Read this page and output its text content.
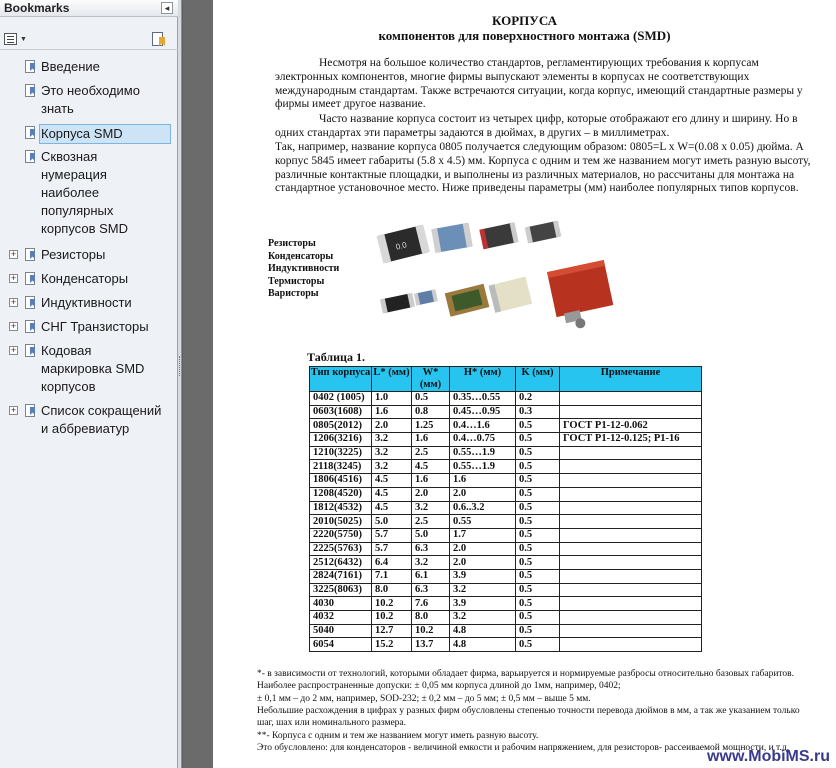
Bookmarks	◂
▼
Введение
Это необходимо
знать
Корпуса SMD
Сквозная
нумерация
наиболее
популярных
корпусов SMD
+ Резисторы
+ Конденсаторы
+ Индуктивности
+ СНГ Транзисторы
+ Кодовая
маркировка SMD
корпусов
+ Список сокращений
и аббревиатур
КОРПУСА
компонентов для поверхностного монтажа (SMD)
Несмотря на большое количество стандартов, регламентирующих требования к корпусам электронных компонентов, многие фирмы выпускают элементы в корпусах не соответствующих международным стандартам. Также встречаются ситуации, когда корпус, имеющий стандартные размеры у фирмы имеет другое название.
Часто название корпуса состоит из четырех цифр, которые отображают его длину и ширину. Но в одних стандартах эти параметры задаются в дюймах, в других – в миллиметрах.
Так, например, название корпуса 0805 получается следующим образом: 0805=L x W=(0.08 x 0.05) дюйма. А корпус 5845 имеет габариты (5.8 x 4.5) мм. Корпуса с одним и тем же названием могут иметь разную высоту, различные контактные площадки, и выполнены из различных материалов, но рассчитаны для монтажа на стандартное установочное место. Ниже приведены параметры (мм) наиболее популярных типов корпусов.
Резисторы
Конденсаторы
Индуктивности
Термисторы
Варисторы
0.0
Таблица 1.
Тип корпуса	L* (мм)	W* (мм)	H* (мм)	K (мм)	Примечание
0402 (1005)	1.0	0.5	0.35…0.55	0.2	
0603(1608)	1.6	0.8	0.45…0.95	0.3	
0805(2012)	2.0	1.25	0.4…1.6	0.5	ГОСТ Р1-12-0.062
1206(3216)	3.2	1.6	0.4…0.75	0.5	ГОСТ Р1-12-0.125; Р1-16
1210(3225)	3.2	2.5	0.55…1.9	0.5	
2118(3245)	3.2	4.5	0.55…1.9	0.5	
1806(4516)	4.5	1.6	1.6	0.5	
1208(4520)	4.5	2.0	2.0	0.5	
1812(4532)	4.5	3.2	0.6..3.2	0.5	
2010(5025)	5.0	2.5	0.55	0.5	
2220(5750)	5.7	5.0	1.7	0.5	
2225(5763)	5.7	6.3	2.0	0.5	
2512(6432)	6.4	3.2	2.0	0.5	
2824(7161)	7.1	6.1	3.9	0.5	
3225(8063)	8.0	6.3	3.2	0.5	
4030	10.2	7.6	3.9	0.5	
4032	10.2	8.0	3.2	0.5	
5040	12.7	10.2	4.8	0.5	
6054	15.2	13.7	4.8	0.5	
*- в зависимости от технологий, которыми обладает фирма, варьируется и нормируемые разбросы относительно базовых габаритов. Наиболее распространенные допуски: ± 0,05 мм корпуса длиной до 1мм, например, 0402;
± 0,1 мм – до 2 мм, например, SOD-232; ± 0,2 мм – до 5 мм; ± 0,5 мм – выше 5 мм.
Небольшие расхождения в цифрах у разных фирм обусловлены степенью точности перевода дюймов в мм, а так же указанием только шаг, шах или номинального размера.
**- Корпуса с одним и тем же названием могут иметь разную высоту.
Это обусловлено: для конденсаторов - величиной емкости и рабочим напряжением, для резисторов- рассеиваемой мощности, и т.д.
www.MobiMS.ru
